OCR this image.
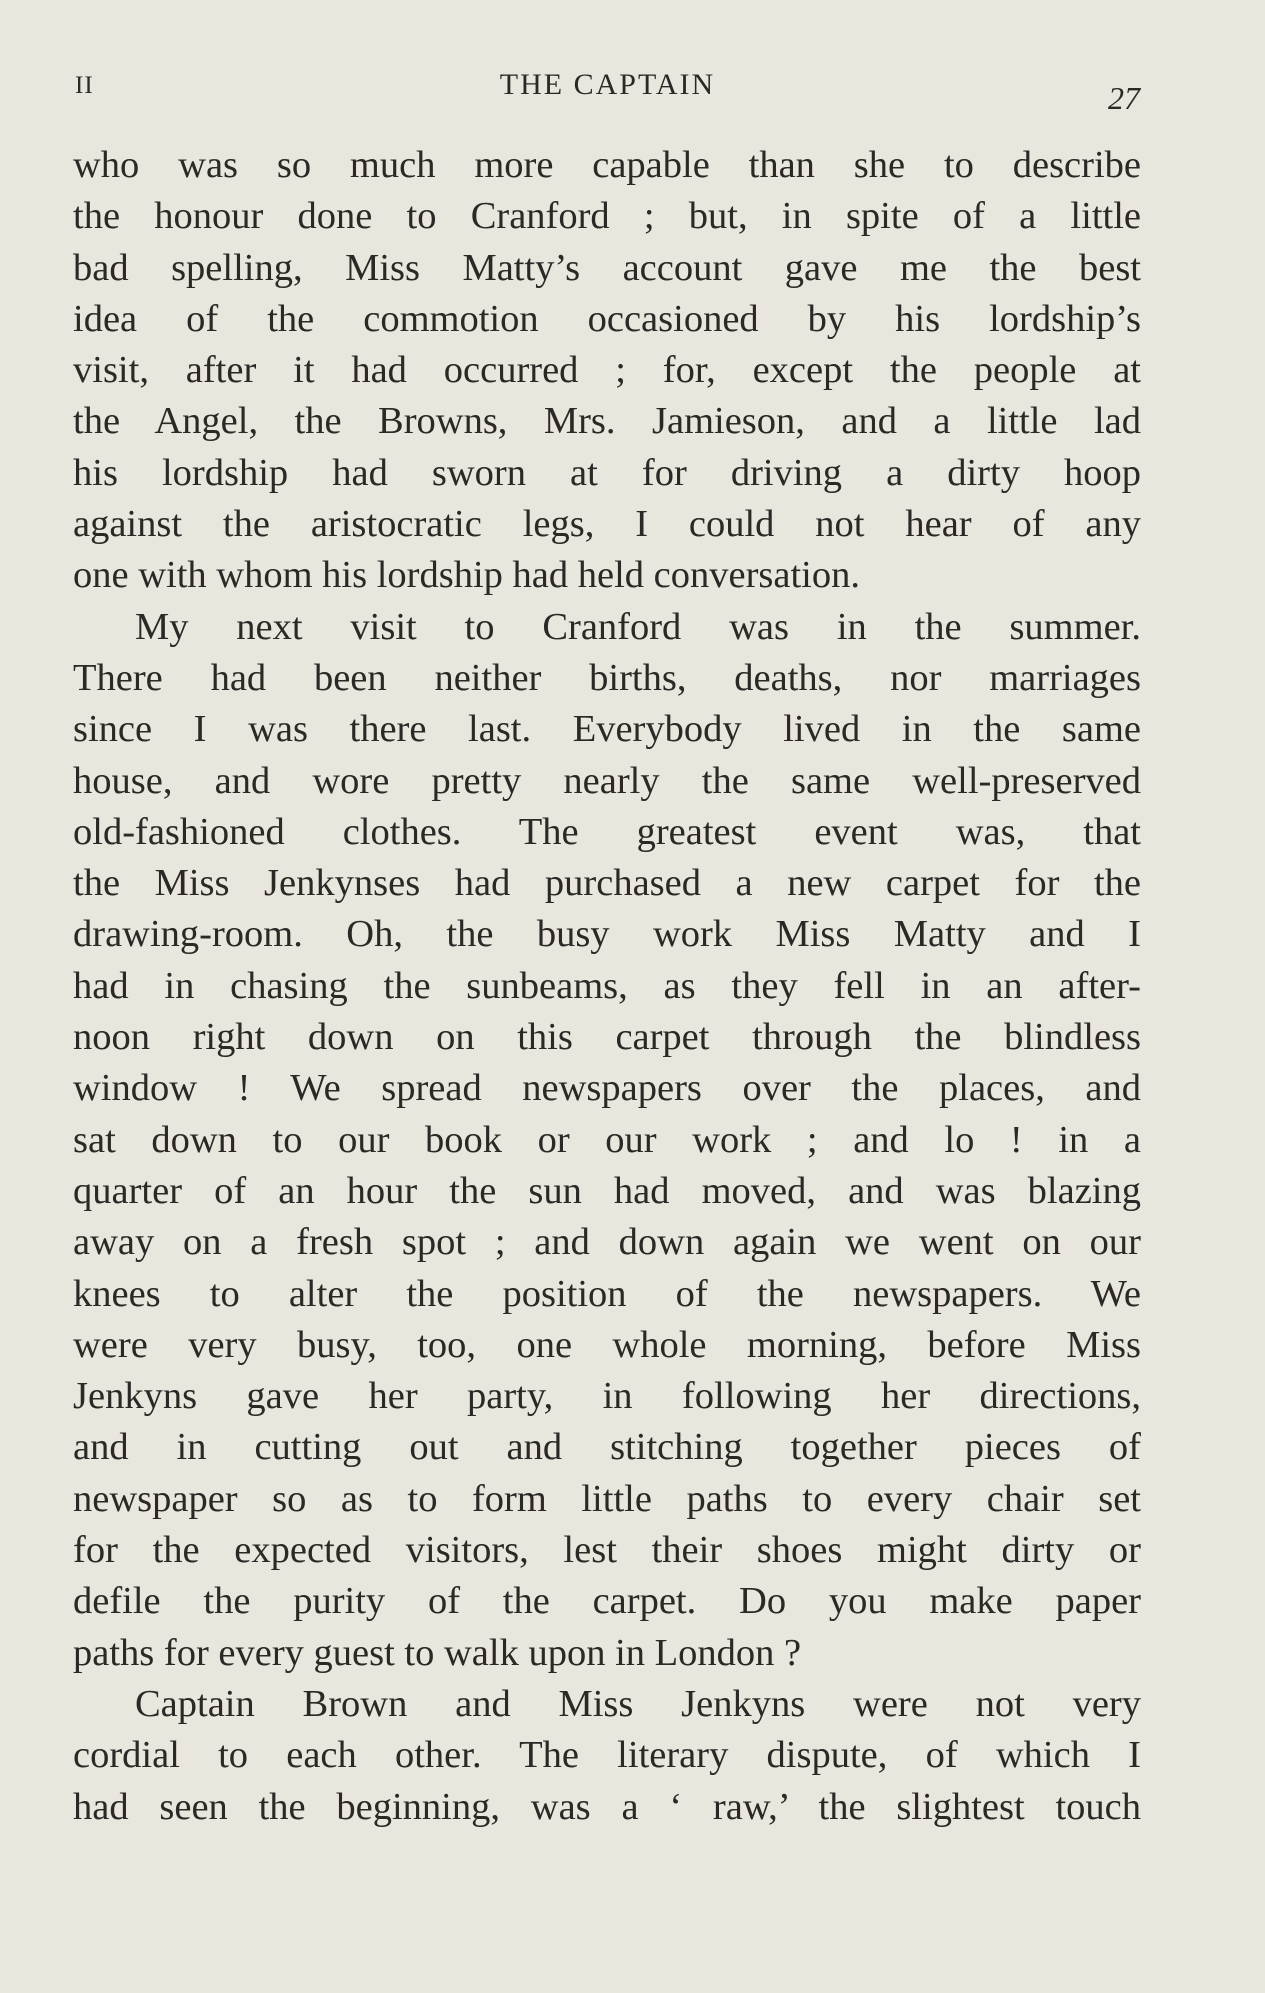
II	THE CAPTAIN	27
who was so much more capable than she to describe
the honour done to Cranford ; but, in spite of a little
bad spelling, Miss Matty’s account gave me the best
idea of the commotion occasioned by his lordship’s
visit, after it had occurred ; for, except the people at
the Angel, the Browns, Mrs. Jamieson, and a little lad
his lordship had sworn at for driving a dirty hoop
against the aristocratic legs, I could not hear of any
one with whom his lordship had held conversation.
My next visit to Cranford was in the summer.
There had been neither births, deaths, nor marriages
since I was there last. Everybody lived in the same
house, and wore pretty nearly the same well-preserved
old-fashioned clothes. The greatest event was, that
the Miss Jenkynses had purchased a new carpet for the
drawing-room. Oh, the busy work Miss Matty and I
had in chasing the sunbeams, as they fell in an after-
noon right down on this carpet through the blindless
window ! We spread newspapers over the places, and
sat down to our book or our work ; and lo ! in a
quarter of an hour the sun had moved, and was blazing
away on a fresh spot ; and down again we went on our
knees to alter the position of the newspapers. We
were very busy, too, one whole morning, before Miss
Jenkyns gave her party, in following her directions,
and in cutting out and stitching together pieces of
newspaper so as to form little paths to every chair set
for the expected visitors, lest their shoes might dirty or
defile the purity of the carpet. Do you make paper
paths for every guest to walk upon in London ?
Captain Brown and Miss Jenkyns were not very
cordial to each other. The literary dispute, of which I
had seen the beginning, was a ‘ raw,’ the slightest touch
